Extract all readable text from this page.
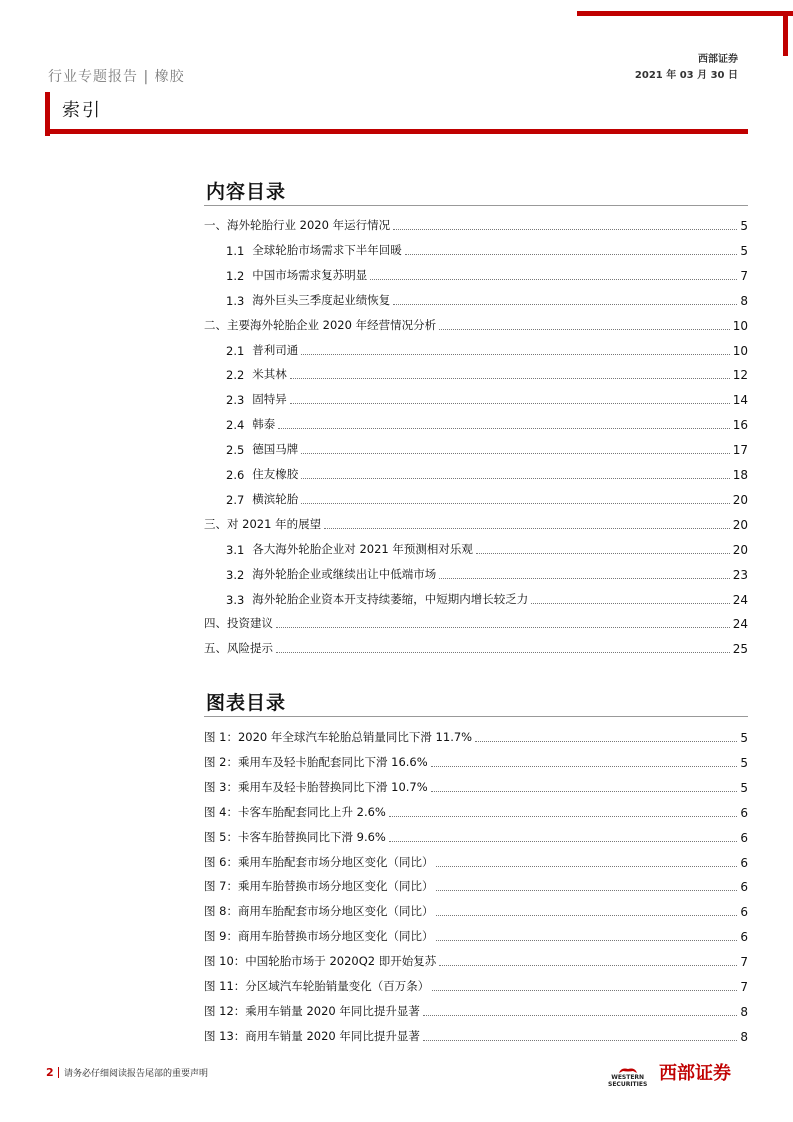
西部证券
2021 年 03 月 30 日
行业专题报告 | 橡胶
索引
内容目录
一、 海外轮胎行业 2020 年运行情况	5
1.1 全球轮胎市场需求下半年回暖	5
1.2 中国市场需求复苏明显	7
1.3 海外巨头三季度起业绩恢复	8
二、 主要海外轮胎企业 2020 年经营情况分析	10
2.1 普利司通	10
2.2 米其林	12
2.3 固特异	14
2.4 韩泰	16
2.5 德国马牌	17
2.6 住友橡胶	18
2.7 横滨轮胎	20
三、 对 2021 年的展望	20
3.1 各大海外轮胎企业对 2021 年预测相对乐观	20
3.2 海外轮胎企业或继续出让中低端市场	23
3.3 海外轮胎企业资本开支持续萎缩，中短期内增长较乏力	24
四、 投资建议	24
五、 风险提示	25
图表目录
图 1： 2020 年全球汽车轮胎总销量同比下滑 11.7%	5
图 2： 乘用车及轻卡胎配套同比下滑 16.6%	5
图 3： 乘用车及轻卡胎替换同比下滑 10.7%	5
图 4： 卡客车胎配套同比上升 2.6%	6
图 5： 卡客车胎替换同比下滑 9.6%	6
图 6： 乘用车胎配套市场分地区变化（同比）	6
图 7： 乘用车胎替换市场分地区变化（同比）	6
图 8： 商用车胎配套市场分地区变化（同比）	6
图 9： 商用车胎替换市场分地区变化（同比）	6
图 10： 中国轮胎市场于 2020Q2 即开始复苏	7
图 11： 分区域汽车轮胎销量变化（百万条）	7
图 12： 乘用车销量 2020 年同比提升显著	8
图 13： 商用车销量 2020 年同比提升显著	8
2 请务必仔细阅读报告尾部的重要声明	WESTERN
SECURITIES
西部证券
